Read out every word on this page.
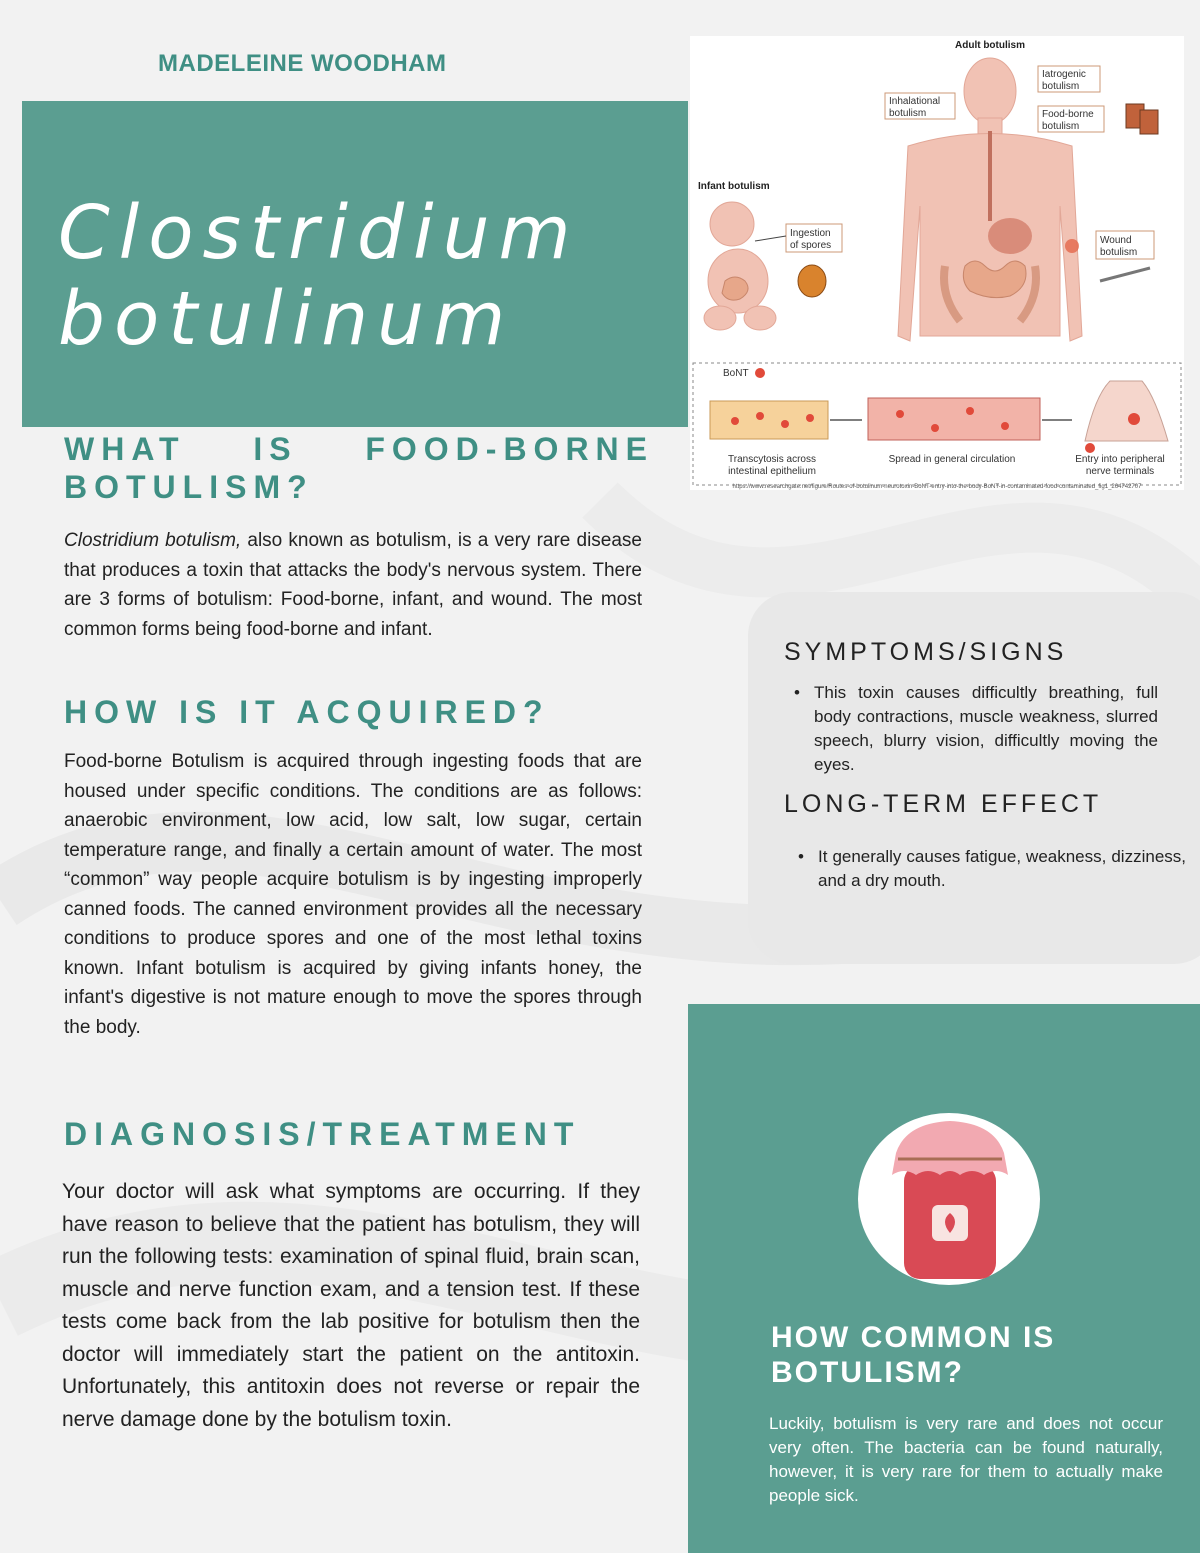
MADELEINE WOODHAM
Clostridium
botulinum
Adult botulism
Iatrogenic
botulism
Inhalational
botulism	Food-borne
botulism
Wound
botulism
Ingestion
of spores
Infant botulism
BoNT
Transcytosis across
intestinal epithelium
Spread in general circulation	Entry into peripheral
nerve terminals
https://www.researchgate.net/figure/Routes-of-botulinum-neurotoxin-BoNT-entry-into-the-body-BoNT-in-contaminated-food-contaminated_fig1_264742707
WHAT IS FOOD-BORNE BOTULISM?
Clostridium botulism, also known as botulism, is a very rare disease that produces a toxin that attacks the body's nervous system. There are 3 forms of botulism: Food-borne, infant, and wound. The most common forms being food-borne and infant.
HOW IS IT ACQUIRED?
Food-borne Botulism is acquired through ingesting foods that are housed under specific conditions. The conditions are as follows: anaerobic environment, low acid, low salt, low sugar, certain temperature range, and finally a certain amount of water. The most “common” way people acquire botulism is by ingesting improperly canned foods. The canned environment provides all the necessary conditions to produce spores and one of the most lethal toxins known. Infant botulism is acquired by giving infants honey, the infant's digestive is not mature enough to move the spores through the body.
DIAGNOSIS/TREATMENT
Your doctor will ask what symptoms are occurring. If they have reason to believe that the patient has botulism, they will run the following tests: examination of spinal fluid, brain scan, muscle and nerve function exam, and a tension test. If these tests come back from the lab positive for botulism then the doctor will immediately start the patient on the antitoxin. Unfortunately, this antitoxin does not reverse or repair the nerve damage done by the botulism toxin.
SYMPTOMS/SIGNS
• This toxin causes difficultly breathing, full body contractions, muscle weakness, slurred speech, blurry vision, difficultly moving the eyes.
LONG-TERM EFFECT
• It generally causes fatigue, weakness, dizziness, and a dry mouth.
HOW COMMON IS
BOTULISM?
Luckily, botulism is very rare and does not occur very often. The bacteria can be found naturally, however, it is very rare for them to actually make people sick.
